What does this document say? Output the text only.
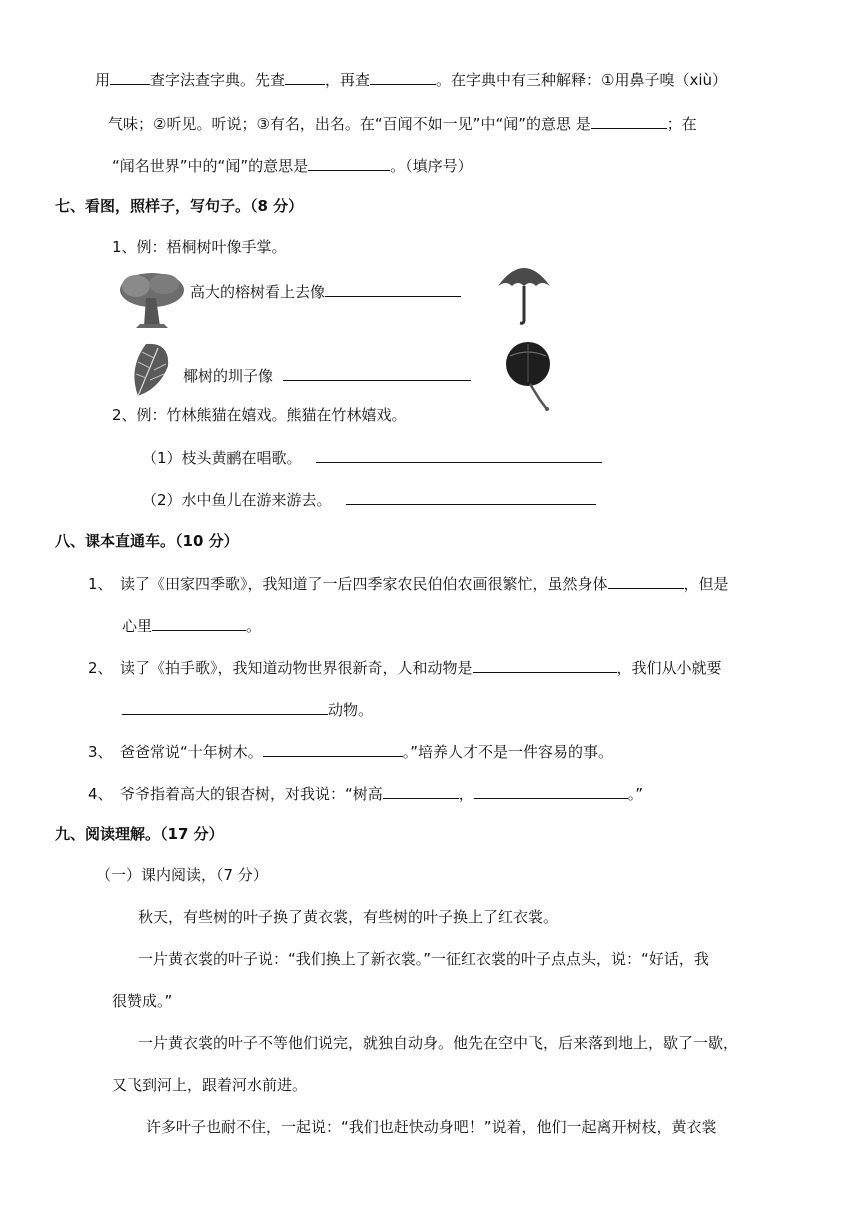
用	查字法查字典。先查	，再查	。在字典中有三种解释：①用鼻子嗅（xiù）
气味；②听见。听说；③有名，出名。在“百闻不如一见”中“闻”的意思 是	；在
“闻名世界”中的“闻”的意思是	。（填序号）
七、看图，照样子，写句子。（8 分）
1、例：梧桐树叶像手掌。
高大的榕树看上去像
椰树的圳子像
2、例：竹林熊猫在嬉戏。熊猫在竹林嬉戏。
（1）枝头黄鹂在唱歌。
（2）水中鱼儿在游来游去。
八、课本直通车。（10 分）
1、 读了《田家四季歌》，我知道了一后四季家农民伯伯农画很繁忙，虽然身体	，但是
心里	。
2、 读了《拍手歌》，我知道动物世界很新奇，人和动物是	，我们从小就要
动物。
3、 爸爸常说“十年树木。	。”培养人才不是一件容易的事。
4、 爷爷指着高大的银杏树，对我说：“树高	，	。”
九、阅读理解。（17 分）
（一）课内阅读，（7 分）
秋天，有些树的叶子换了黄衣裳，有些树的叶子换上了红衣裳。
一片黄衣裳的叶子说：“我们换上了新衣裳。”一征红衣裳的叶子点点头，说：“好话，我
很赞成。”
一片黄衣裳的叶子不等他们说完，就独自动身。他先在空中飞，后来落到地上，歇了一歇，
又飞到河上，跟着河水前进。
许多叶子也耐不住，一起说：“我们也赶快动身吧！”说着，他们一起离开树枝，黄衣裳
